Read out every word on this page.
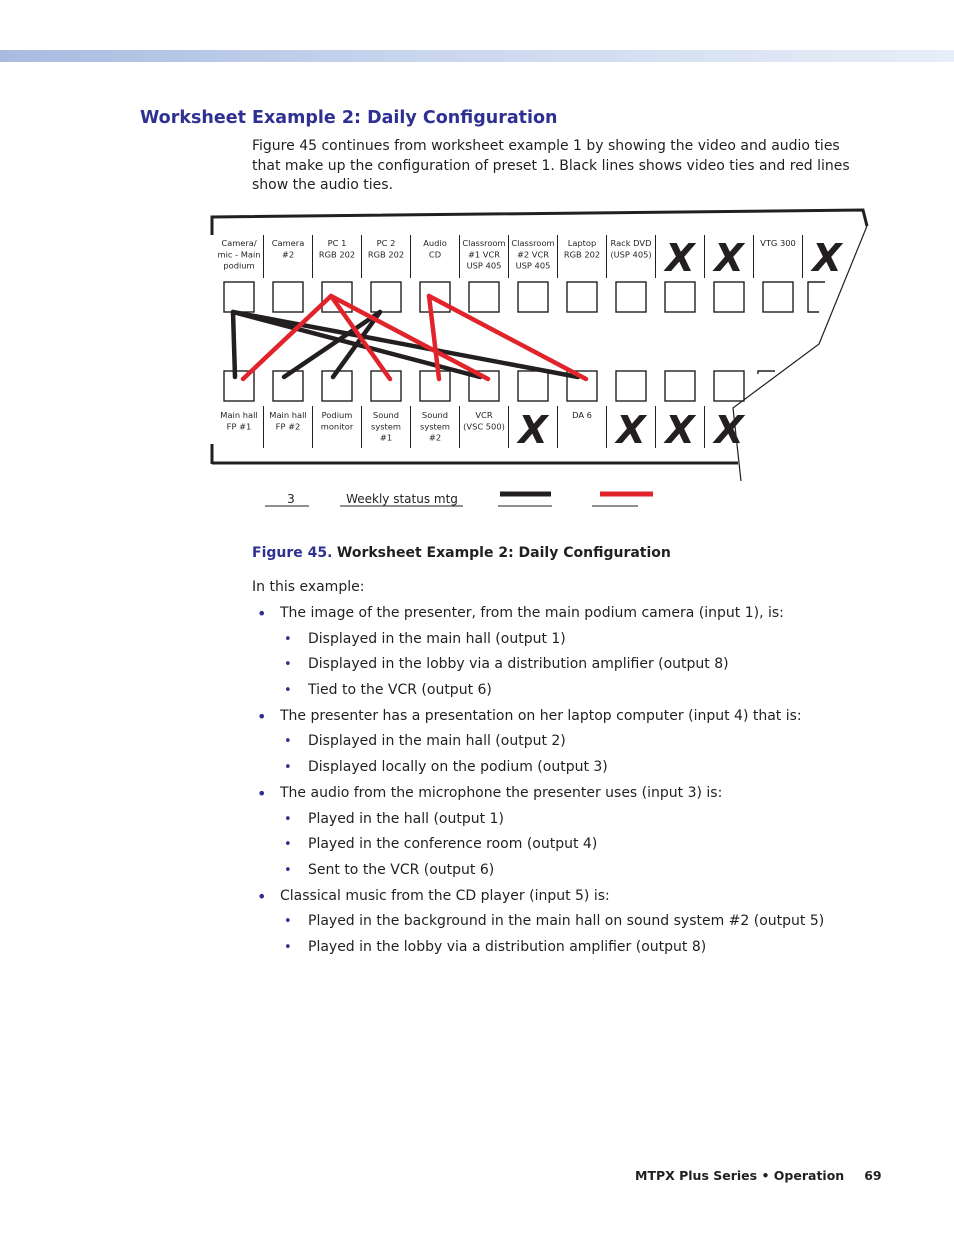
Worksheet Example 2: Daily Configuration

Figure 45 continues from worksheet example 1 by showing the video and audio ties that make up the configuration of preset 1. Black lines shows video ties and red lines show the audio ties.

Camera/
mic - Main
podium
Camera
#2
PC 1
RGB 202
PC 2
RGB 202
Audio
CD
Classroom
#1 VCR
USP 405
Classroom
#2 VCR
USP 405
Laptop
RGB 202
Rack DVD
(USP 405) X X VTG 300 X
Main hall
FP #1
Main hall
FP #2
Podium
monitor
Sound
system
#1
Sound
system
#2
VCR
(VSC 500) X	DA 6 X X X
3	Weekly status mtg

Figure 45. Worksheet Example 2: Daily Configuration

In this example:

• The image of the presenter, from the main podium camera (input 1), is:

• Displayed in the main hall (output 1)

• Displayed in the lobby via a distribution amplifier (output 8)

• Tied to the VCR (output 6)

• The presenter has a presentation on her laptop computer (input 4) that is:

• Displayed in the main hall (output 2)

• Displayed locally on the podium (output 3)

• The audio from the microphone the presenter uses (input 3) is:

• Played in the hall (output 1)

• Played in the conference room (output 4)

• Sent to the VCR (output 6)

• Classical music from the CD player (input 5) is:

• Played in the background in the main hall on sound system #2 (output 5)

• Played in the lobby via a distribution amplifier (output 8)

MTPX Plus Series • Operation 69
